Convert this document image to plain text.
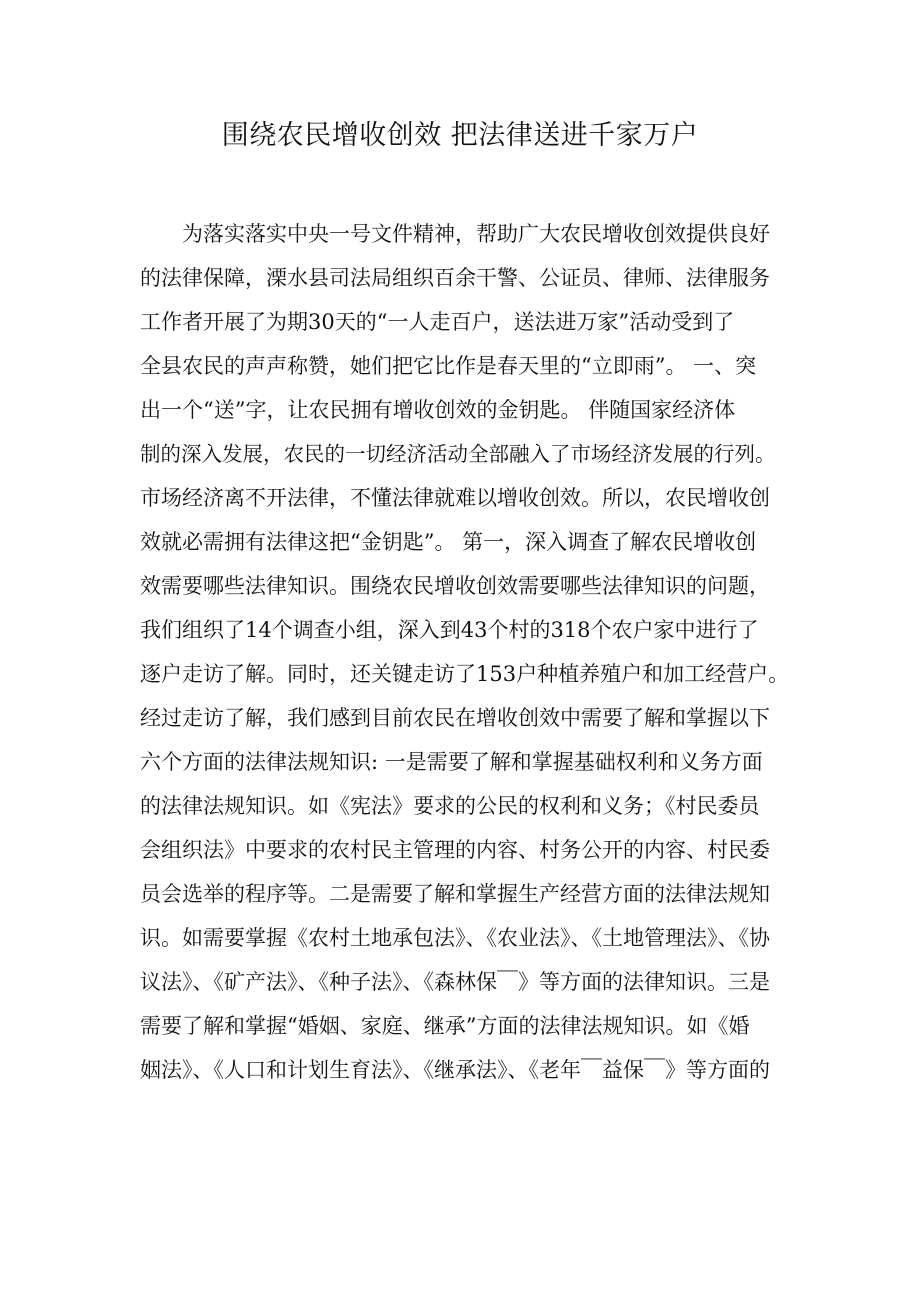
围绕农民增收创效 把法律送进千家万户
为落实落实中央一号文件精神，帮助广大农民增收创效提供良好
的法律保障，溧水县司法局组织百余干警、公证员、律师、法律服务
工作者开展了为期30天的“一人走百户，送法进万家”活动受到了
全县农民的声声称赞，她们把它比作是春天里的“立即雨”。 一、突
出一个“送”字，让农民拥有增收创效的金钥匙。 伴随国家经济体
制的深入发展，农民的一切经济活动全部融入了市场经济发展的行列。
市场经济离不开法律，不懂法律就难以增收创效。所以，农民增收创
效就必需拥有法律这把“金钥匙”。 第一，深入调查了解农民增收创
效需要哪些法律知识。围绕农民增收创效需要哪些法律知识的问题，
我们组织了14个调查小组，深入到43个村的318个农户家中进行了
逐户走访了解。同时，还关键走访了153户种植养殖户和加工经营户。
经过走访了解，我们感到目前农民在增收创效中需要了解和掌握以下
六个方面的法律法规知识: 一是需要了解和掌握基础权利和义务方面
的法律法规知识。如《宪法》要求的公民的权利和义务；《村民委员
会组织法》中要求的农村民主管理的内容、村务公开的内容、村民委
员会选举的程序等。二是需要了解和掌握生产经营方面的法律法规知
识。如需要掌握《农村土地承包法》、《农业法》、《土地管理法》、《协
议法》、《矿产法》、《种子法》、《森林保￣》等方面的法律知识。三是
需要了解和掌握“婚姻、家庭、继承”方面的法律法规知识。如《婚
姻法》、《人口和计划生育法》、《继承法》、《老年￣益保￣》等方面的
